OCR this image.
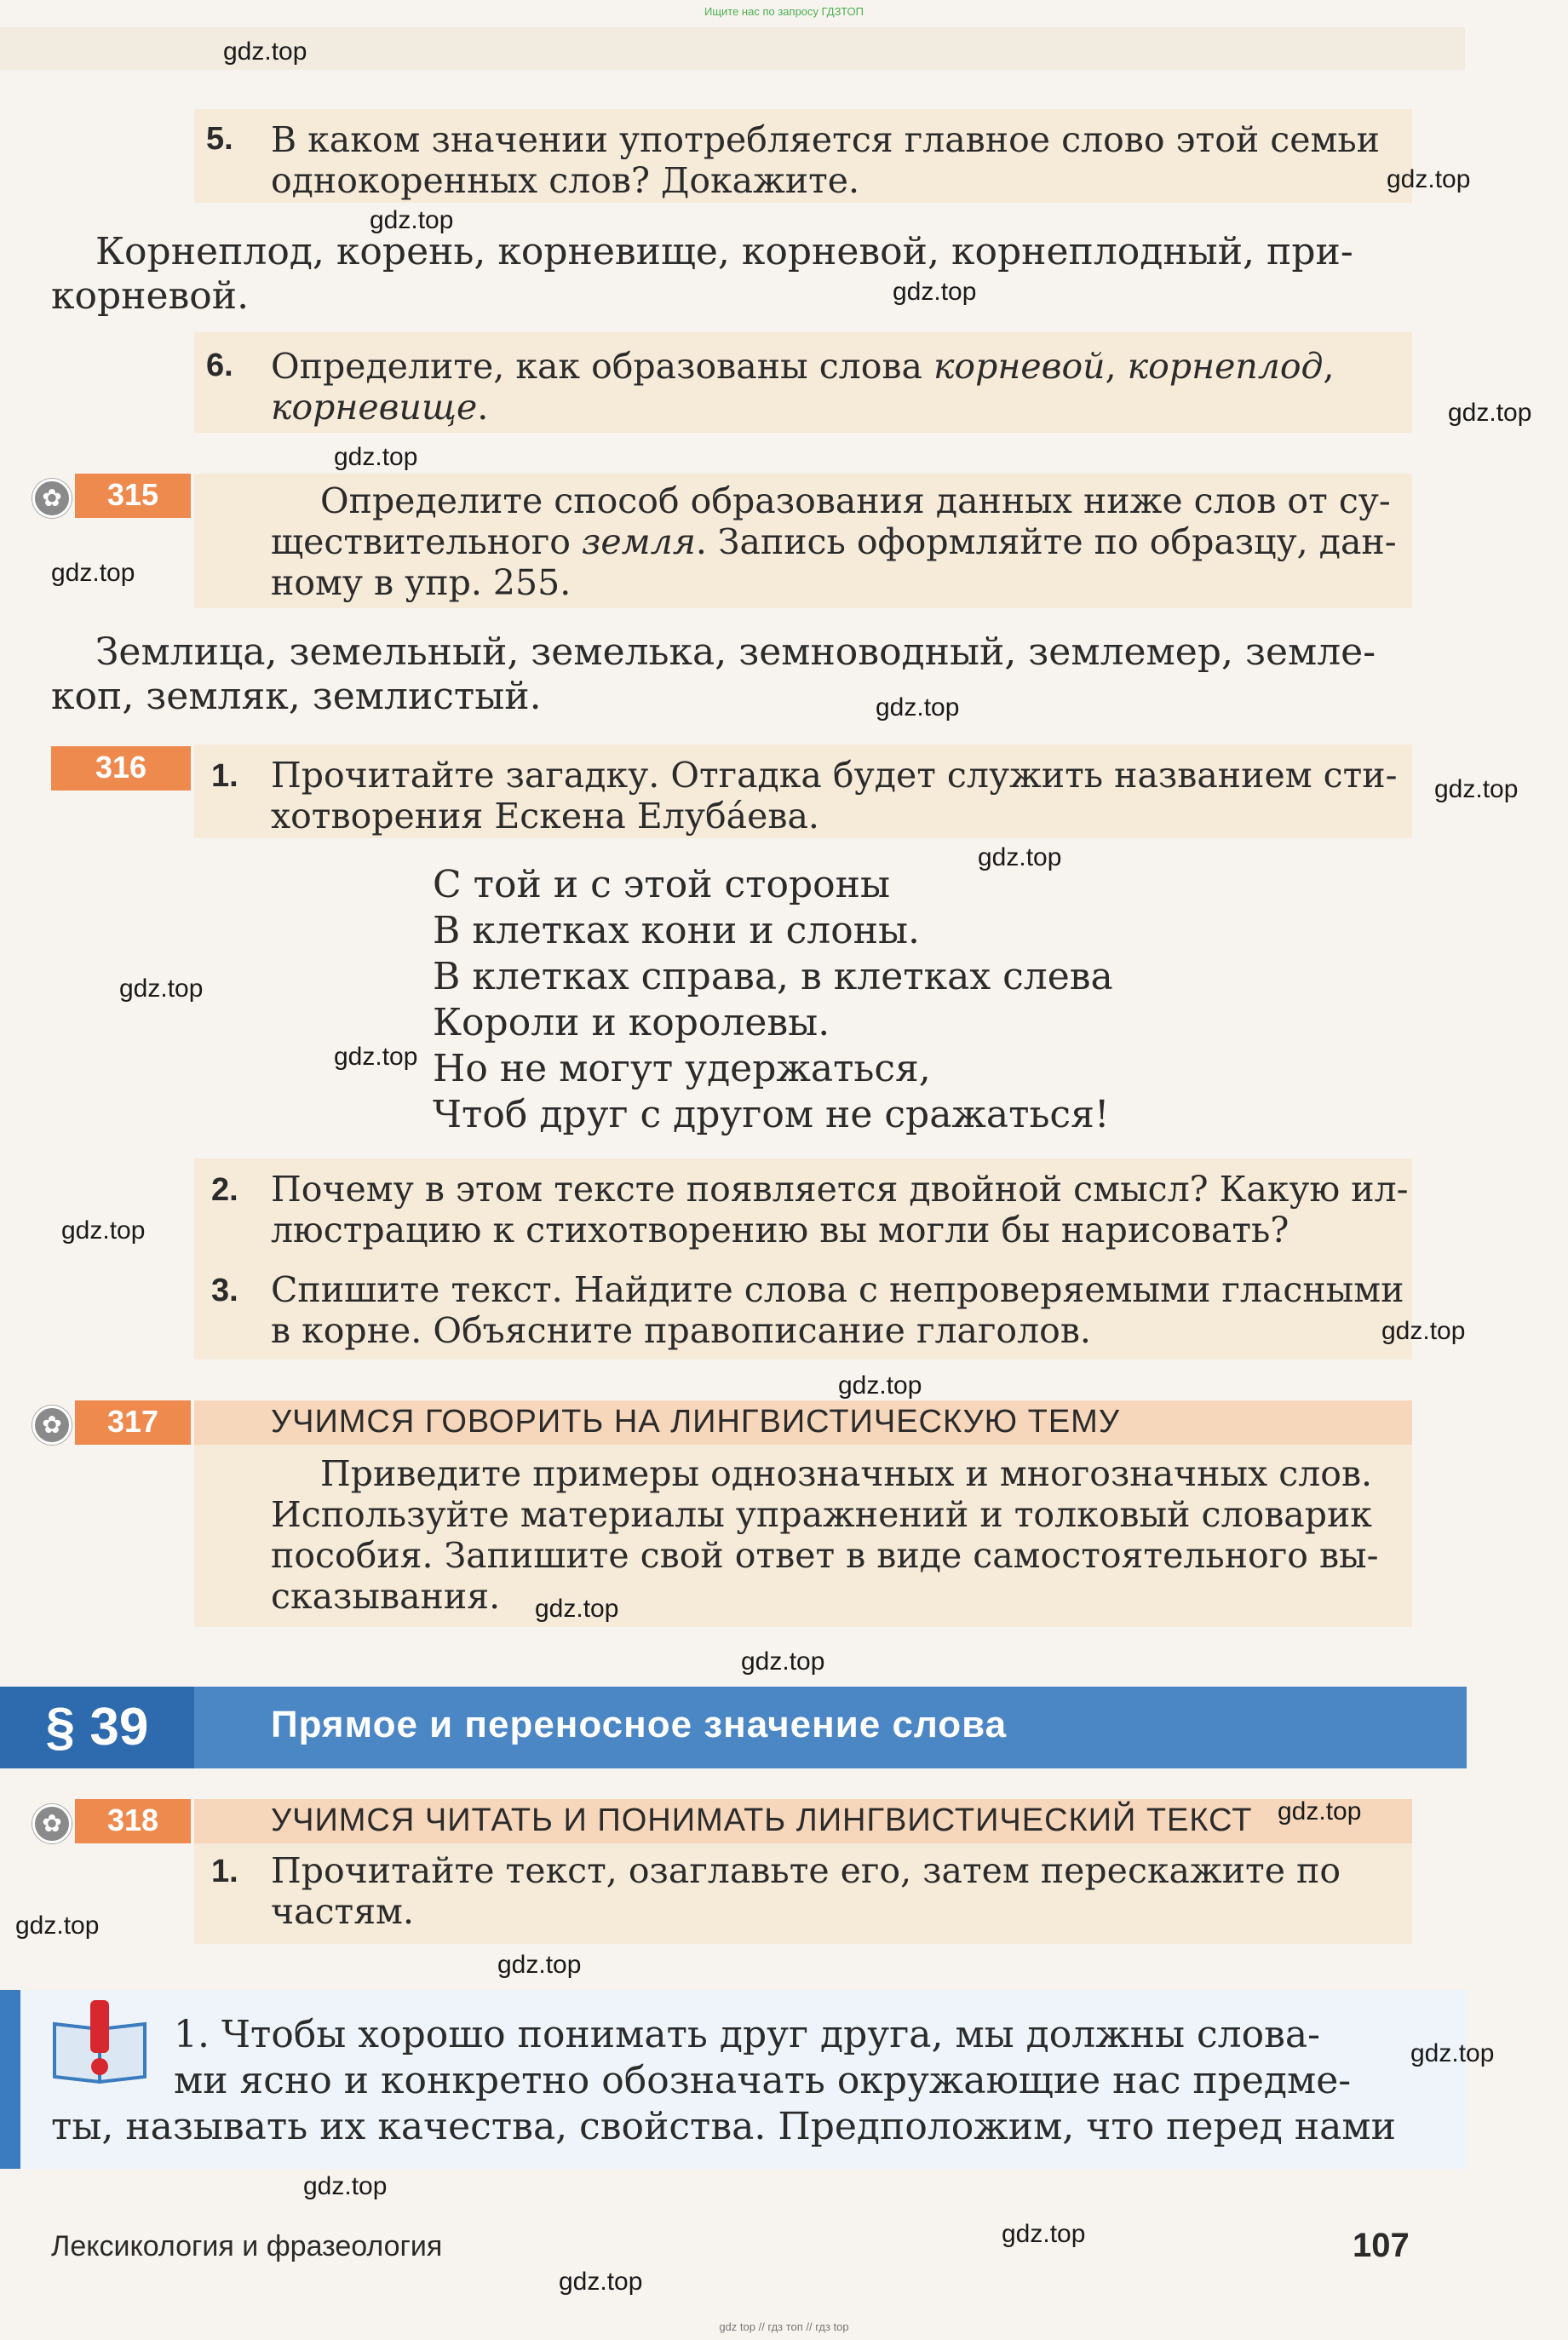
Ищите нас по запросу ГДЗТОП
5. В каком значении употребляется главное слово этой семьи
однокоренных слов? Докажите.
Корнеплод, корень, корневище, корневой, корнеплодный, при-
корневой.
6. Определите, как образованы слова корневой, корнеплод,
корневище.
✿	315	Определите способ образования данных ниже слов от су-
ществительного земля. Запись оформляйте по образцу, дан-
ному в упр. 255.
Землица, земельный, земелька, земноводный, землемер, земле-
коп, земляк, землистый.
316	1. Прочитайте загадку. Отгадка будет служить названием сти-
хотворения Ескена Елубáева.
С той и с этой стороны
В клетках кони и слоны.
В клетках справа, в клетках слева
Короли и королевы.
Но не могут удержаться,
Чтоб друг с другом не сражаться!
2. Почему в этом тексте появляется двойной смысл? Какую ил-
люстрацию к стихотворению вы могли бы нарисовать?
3. Спишите текст. Найдите слова с непроверяемыми гласными
в корне. Объясните правописание глаголов.
✿	317	УЧИМСЯ ГОВОРИТЬ НА ЛИНГВИСТИЧЕСКУЮ ТЕМУ
Приведите примеры однозначных и многозначных слов.
Используйте материалы упражнений и толковый словарик
пособия. Запишите свой ответ в виде самостоятельного вы-
сказывания.
§ 39	Прямое и переносное значение слова
✿	318	УЧИМСЯ ЧИТАТЬ И ПОНИМАТЬ ЛИНГВИСТИЧЕСКИЙ ТЕКСТ
1. Прочитайте текст, озаглавьте его, затем перескажите по
частям.
1. Чтобы хорошо понимать друг друга, мы должны слова-
ми ясно и конкретно обозначать окружающие нас предме-
ты, называть их качества, свойства. Предположим, что перед нами
Лексикология и фразеология	107
gdz top // гдз топ // гдз top
gdz.top
gdz.top
gdz.top
gdz.top
gdz.top
gdz.top
gdz.top
gdz.top
gdz.top
gdz.top
gdz.top
gdz.top
gdz.top
gdz.top
gdz.top
gdz.top
gdz.top
gdz.top
gdz.top
gdz.top
gdz.top
gdz.top
gdz.top
gdz.top
